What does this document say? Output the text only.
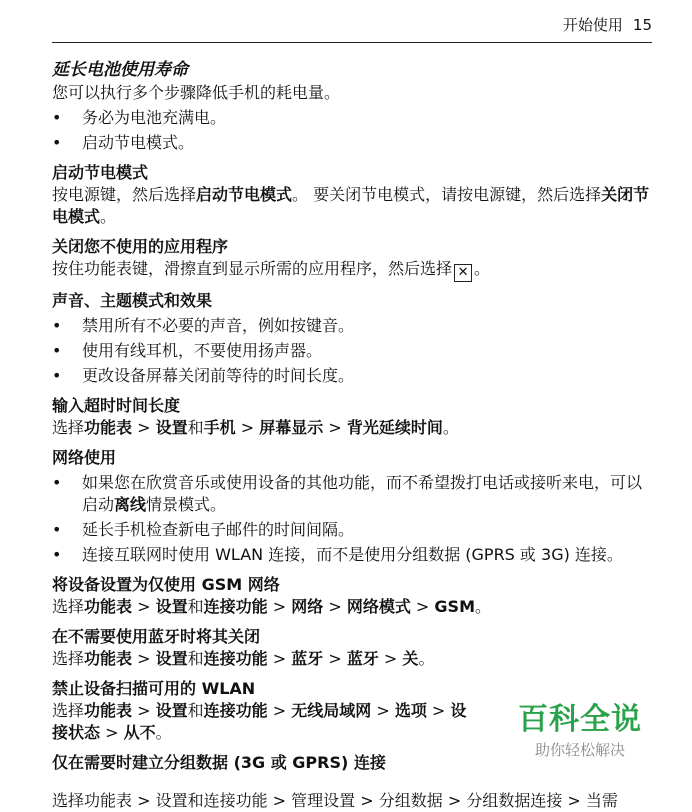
开始使用 15
延长电池使用寿命

您可以执行多个步骤降低手机的耗电量。

• 务必为电池充满电。
• 启动节电模式。
启动节电模式

按电源键，然后选择启动节电模式。 要关闭节电模式，请按电源键，然后选择关闭节电模式。

关闭您不使用的应用程序

按住功能表键，滑擦直到显示所需的应用程序，然后选择 ✕ 。

声音、主题模式和效果
• 禁用所有不必要的声音，例如按键音。
• 使用有线耳机，不要使用扬声器。
• 更改设备屏幕关闭前等待的时间长度。
输入超时时间长度

选择功能表 > 设置和手机 > 屏幕显示 > 背光延续时间。

网络使用
• 如果您在欣赏音乐或使用设备的其他功能，而不希望拨打电话或接听来电，可以启动离线情景模式。
• 延长手机检查新电子邮件的时间间隔。
• 连接互联网时使用 WLAN 连接，而不是使用分组数据 (GPRS 或 3G) 连接。
将设备设置为仅使用 GSM 网络

选择功能表 > 设置和连接功能 > 网络 > 网络模式 > GSM。

在不需要使用蓝牙时将其关闭

选择功能表 > 设置和连接功能 > 蓝牙 > 蓝牙 > 关。

禁止设备扫描可用的 WLAN

选择功能表 > 设置和连接功能 > 无线局域网 > 选项 > 设
接状态 > 从不。

仅在需要时建立分组数据 (3G 或 GPRS) 连接
选择功能表 > 设置和连接功能 > 管理设置 > 分组数据 > 分组数据连接 > 当需
百科全说
助你轻松解决
